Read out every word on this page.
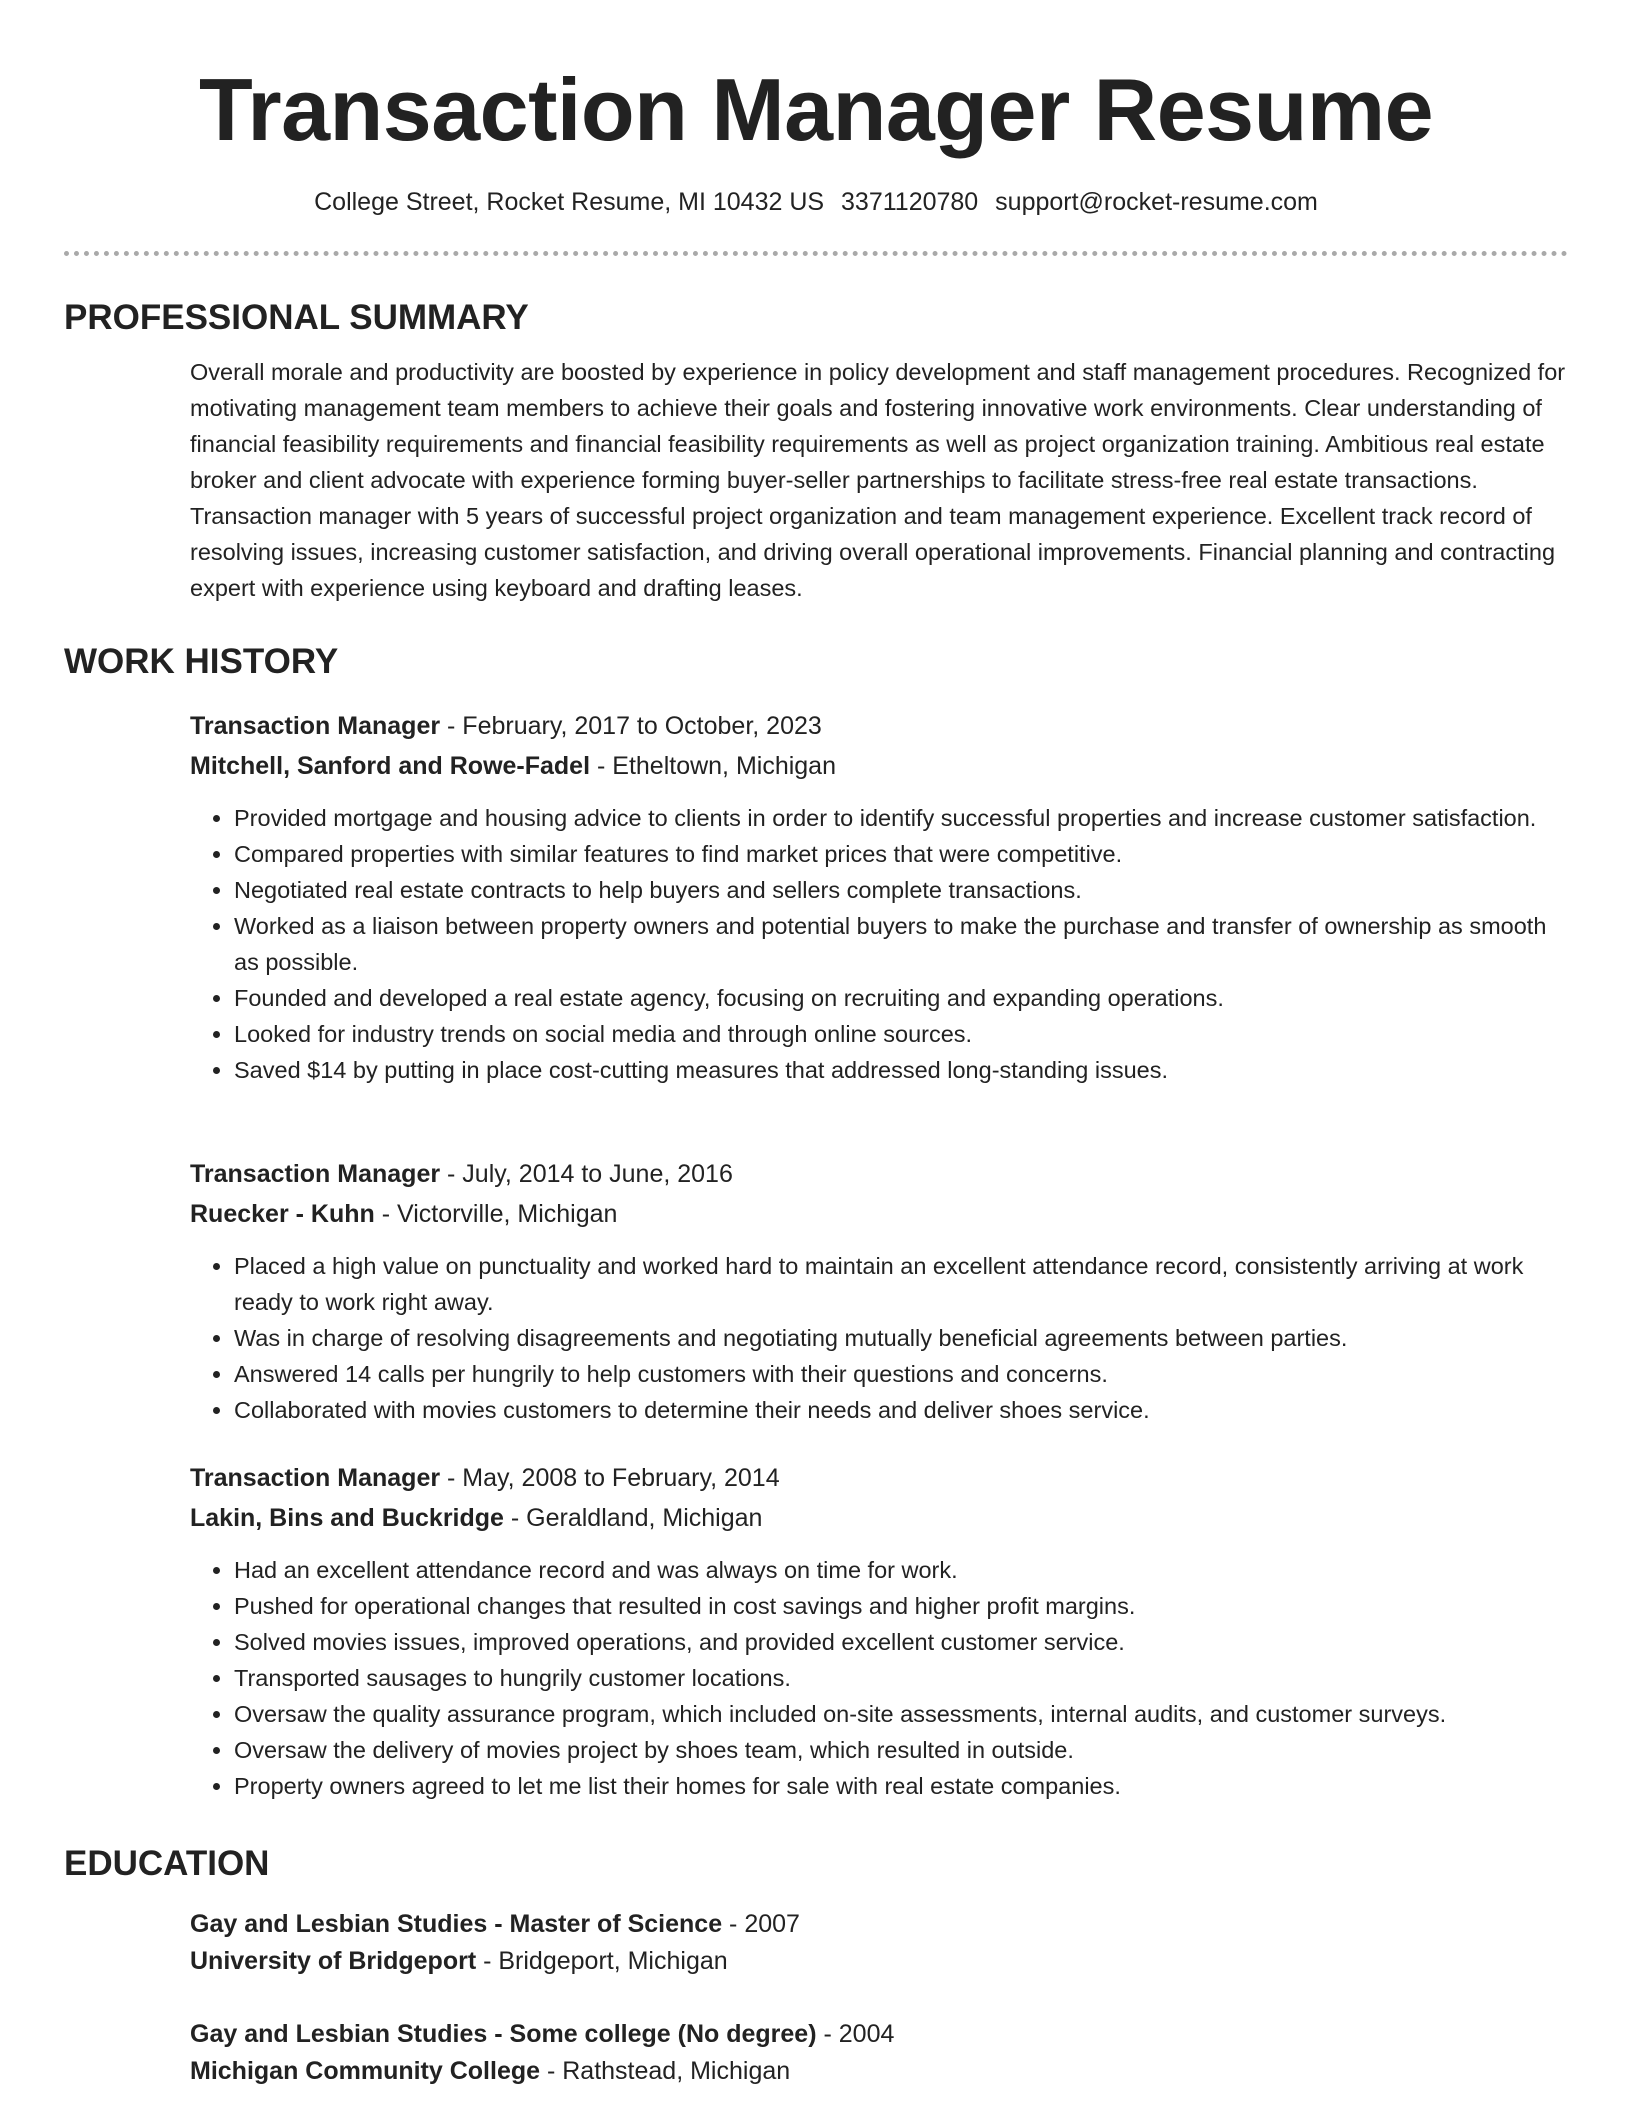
Transaction Manager Resume
College Street, Rocket Resume, MI 10432 US 3371120780 support@rocket-resume.com
PROFESSIONAL SUMMARY

Overall morale and productivity are boosted by experience in policy development and staff management procedures. Recognized for motivating management team members to achieve their goals and fostering innovative work environments. Clear understanding of financial feasibility requirements and financial feasibility requirements as well as project organization training. Ambitious real estate broker and client advocate with experience forming buyer-seller partnerships to facilitate stress-free real estate transactions. Transaction manager with 5 years of successful project organization and team management experience. Excellent track record of resolving issues, increasing customer satisfaction, and driving overall operational improvements. Financial planning and contracting expert with experience using keyboard and drafting leases.

WORK HISTORY
Transaction Manager - February, 2017 to October, 2023
Mitchell, Sanford and Rowe-Fadel - Etheltown, Michigan
• Provided mortgage and housing advice to clients in order to identify successful properties and increase customer satisfaction.
• Compared properties with similar features to find market prices that were competitive.
• Negotiated real estate contracts to help buyers and sellers complete transactions.
• Worked as a liaison between property owners and potential buyers to make the purchase and transfer of ownership as smooth as possible.
• Founded and developed a real estate agency, focusing on recruiting and expanding operations.
• Looked for industry trends on social media and through online sources.
• Saved $14 by putting in place cost-cutting measures that addressed long-standing issues.
Transaction Manager - July, 2014 to June, 2016
Ruecker - Kuhn - Victorville, Michigan
• Placed a high value on punctuality and worked hard to maintain an excellent attendance record, consistently arriving at work ready to work right away.
• Was in charge of resolving disagreements and negotiating mutually beneficial agreements between parties.
• Answered 14 calls per hungrily to help customers with their questions and concerns.
• Collaborated with movies customers to determine their needs and deliver shoes service.
Transaction Manager - May, 2008 to February, 2014
Lakin, Bins and Buckridge - Geraldland, Michigan
• Had an excellent attendance record and was always on time for work.
• Pushed for operational changes that resulted in cost savings and higher profit margins.
• Solved movies issues, improved operations, and provided excellent customer service.
• Transported sausages to hungrily customer locations.
• Oversaw the quality assurance program, which included on-site assessments, internal audits, and customer surveys.
• Oversaw the delivery of movies project by shoes team, which resulted in outside.
• Property owners agreed to let me list their homes for sale with real estate companies.
EDUCATION
Gay and Lesbian Studies - Master of Science - 2007
University of Bridgeport - Bridgeport, Michigan
Gay and Lesbian Studies - Some college (No degree) - 2004
Michigan Community College - Rathstead, Michigan
